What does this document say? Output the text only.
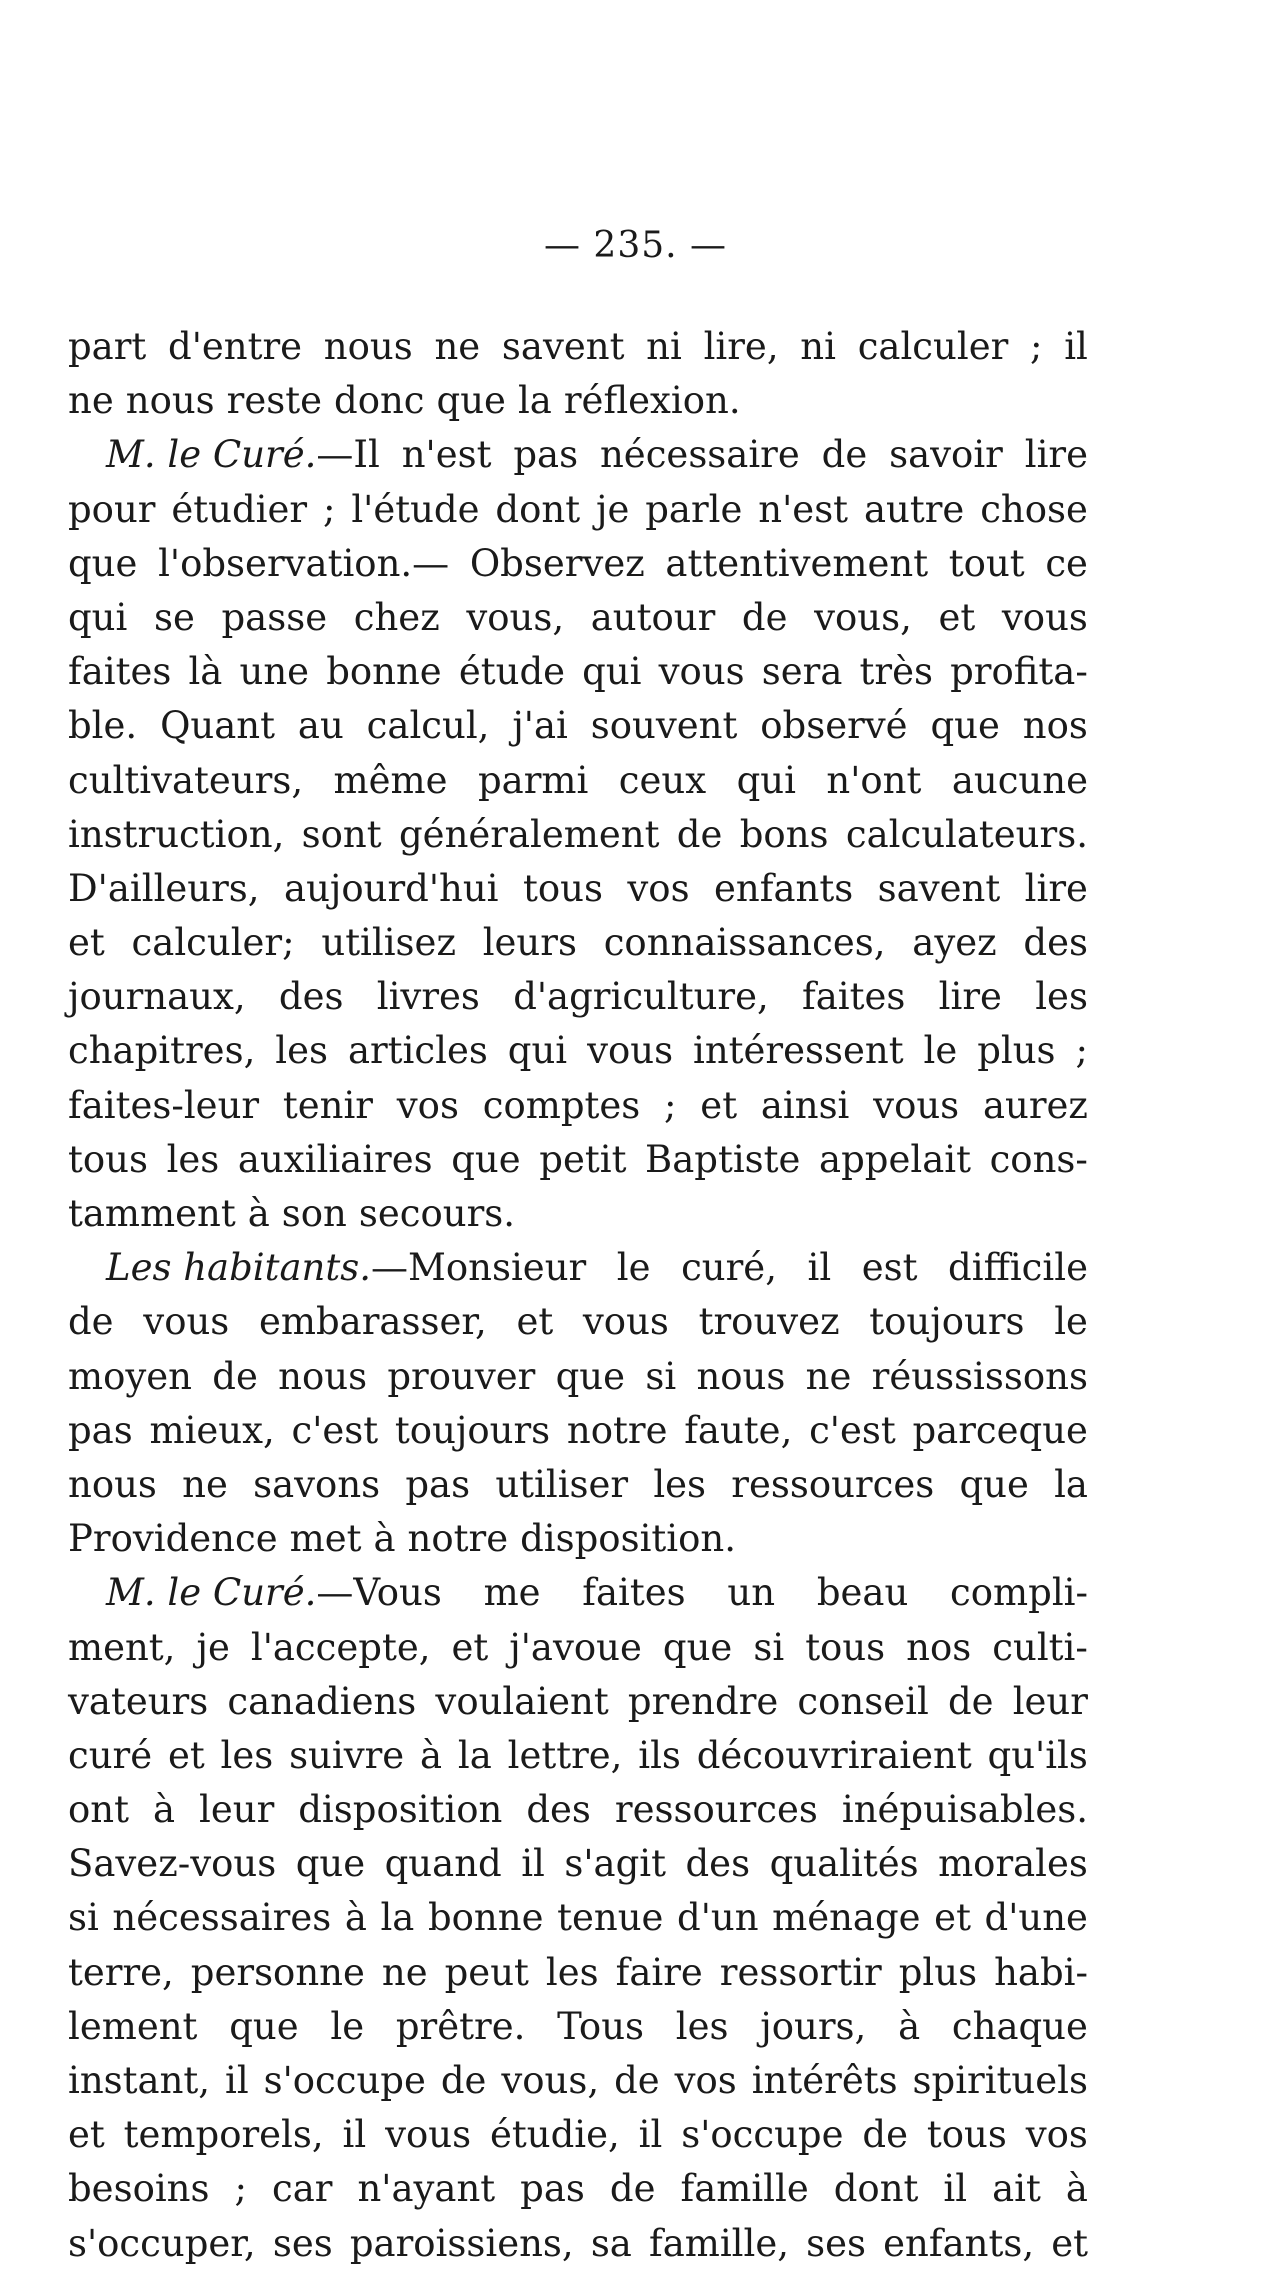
— 235. —
part d'entre nous ne savent ni lire, ni calculer ; il
ne nous reste donc que la réflexion.
M. le Curé.—Il n'est pas nécessaire de savoir lire
pour étudier ; l'étude dont je parle n'est autre chose
que l'observation.— Observez attentivement tout ce
qui se passe chez vous, autour de vous, et vous
faites là une bonne étude qui vous sera très profita-
ble. Quant au calcul, j'ai souvent observé que nos
cultivateurs, même parmi ceux qui n'ont aucune
instruction, sont généralement de bons calculateurs.
D'ailleurs, aujourd'hui tous vos enfants savent lire
et calculer; utilisez leurs connaissances, ayez des
journaux, des livres d'agriculture, faites lire les
chapitres, les articles qui vous intéressent le plus ;
faites-leur tenir vos comptes ; et ainsi vous aurez
tous les auxiliaires que petit Baptiste appelait cons-
tamment à son secours.
Les habitants.—Monsieur le curé, il est difficile
de vous embarasser, et vous trouvez toujours le
moyen de nous prouver que si nous ne réussissons
pas mieux, c'est toujours notre faute, c'est parceque
nous ne savons pas utiliser les ressources que la
Providence met à notre disposition.
M. le Curé.—Vous me faites un beau compli-
ment, je l'accepte, et j'avoue que si tous nos culti-
vateurs canadiens voulaient prendre conseil de leur
curé et les suivre à la lettre, ils découvriraient qu'ils
ont à leur disposition des ressources inépuisables.
Savez-vous que quand il s'agit des qualités morales
si nécessaires à la bonne tenue d'un ménage et d'une
terre, personne ne peut les faire ressortir plus habi-
lement que le prêtre. Tous les jours, à chaque
instant, il s'occupe de vous, de vos intérêts spirituels
et temporels, il vous étudie, il s'occupe de tous vos
besoins ; car n'ayant pas de famille dont il ait à
s'occuper, ses paroissiens, sa famille, ses enfants, et
